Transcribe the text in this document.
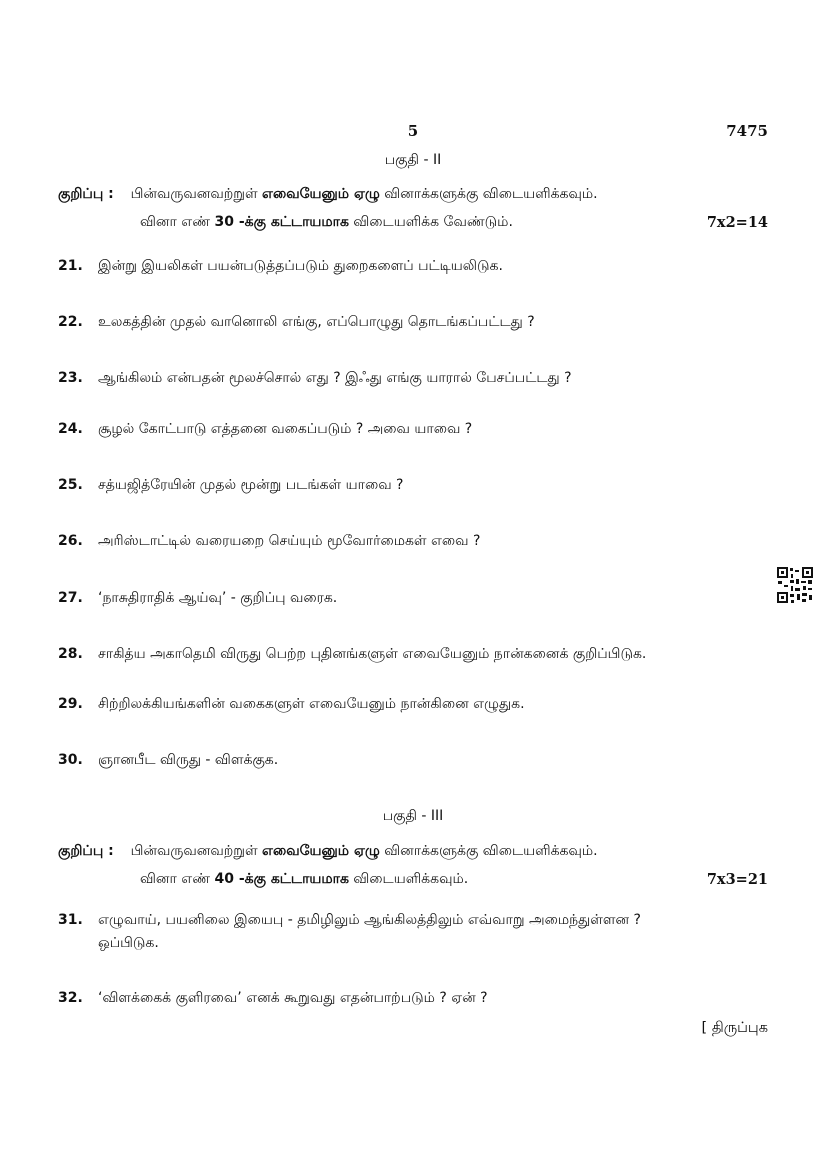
5	7475
பகுதி - II
குறிப்பு : பின்வருவனவற்றுள் எவையேனும் ஏழு வினாக்களுக்கு விடையளிக்கவும்.
வினா எண் 30 -க்கு கட்டாயமாக விடையளிக்க வேண்டும்.	7x2=14
21. இன்று இயலிகள் பயன்படுத்தப்படும் துறைகளைப் பட்டியலிடுக.
22. உலகத்தின் முதல் வானொலி எங்கு, எப்பொழுது தொடங்கப்பட்டது ?
23. ஆங்கிலம் என்பதன் மூலச்சொல் எது ? இஃது எங்கு யாரால் பேசப்பட்டது ?
24. சூழல் கோட்பாடு எத்தனை வகைப்படும் ? அவை யாவை ?
25. சத்யஜித்ரேயின் முதல் மூன்று படங்கள் யாவை ?
26. அரிஸ்டாட்டில் வரையறை செய்யும் மூவோர்மைகள் எவை ?
27. ‘நாசுதிராதிக் ஆய்வு’ - குறிப்பு வரைக.
28. சாகித்ய அகாதெமி விருது பெற்ற புதினங்களுள் எவையேனும் நான்கனைக் குறிப்பிடுக.
29. சிற்றிலக்கியங்களின் வகைகளுள் எவையேனும் நான்கினை எழுதுக.
30. ஞானபீட விருது - விளக்குக.
பகுதி - III
குறிப்பு : பின்வருவனவற்றுள் எவையேனும் ஏழு வினாக்களுக்கு விடையளிக்கவும்.
வினா எண் 40 -க்கு கட்டாயமாக விடையளிக்கவும்.	7x3=21
31. எழுவாய், பயனிலை இயைபு - தமிழிலும் ஆங்கிலத்திலும் எவ்வாறு அமைந்துள்ளன ?
ஒப்பிடுக.
32. ‘விளக்கைக் குளிரவை’ எனக் கூறுவது எதன்பாற்படும் ? ஏன் ?
[ திருப்புக
